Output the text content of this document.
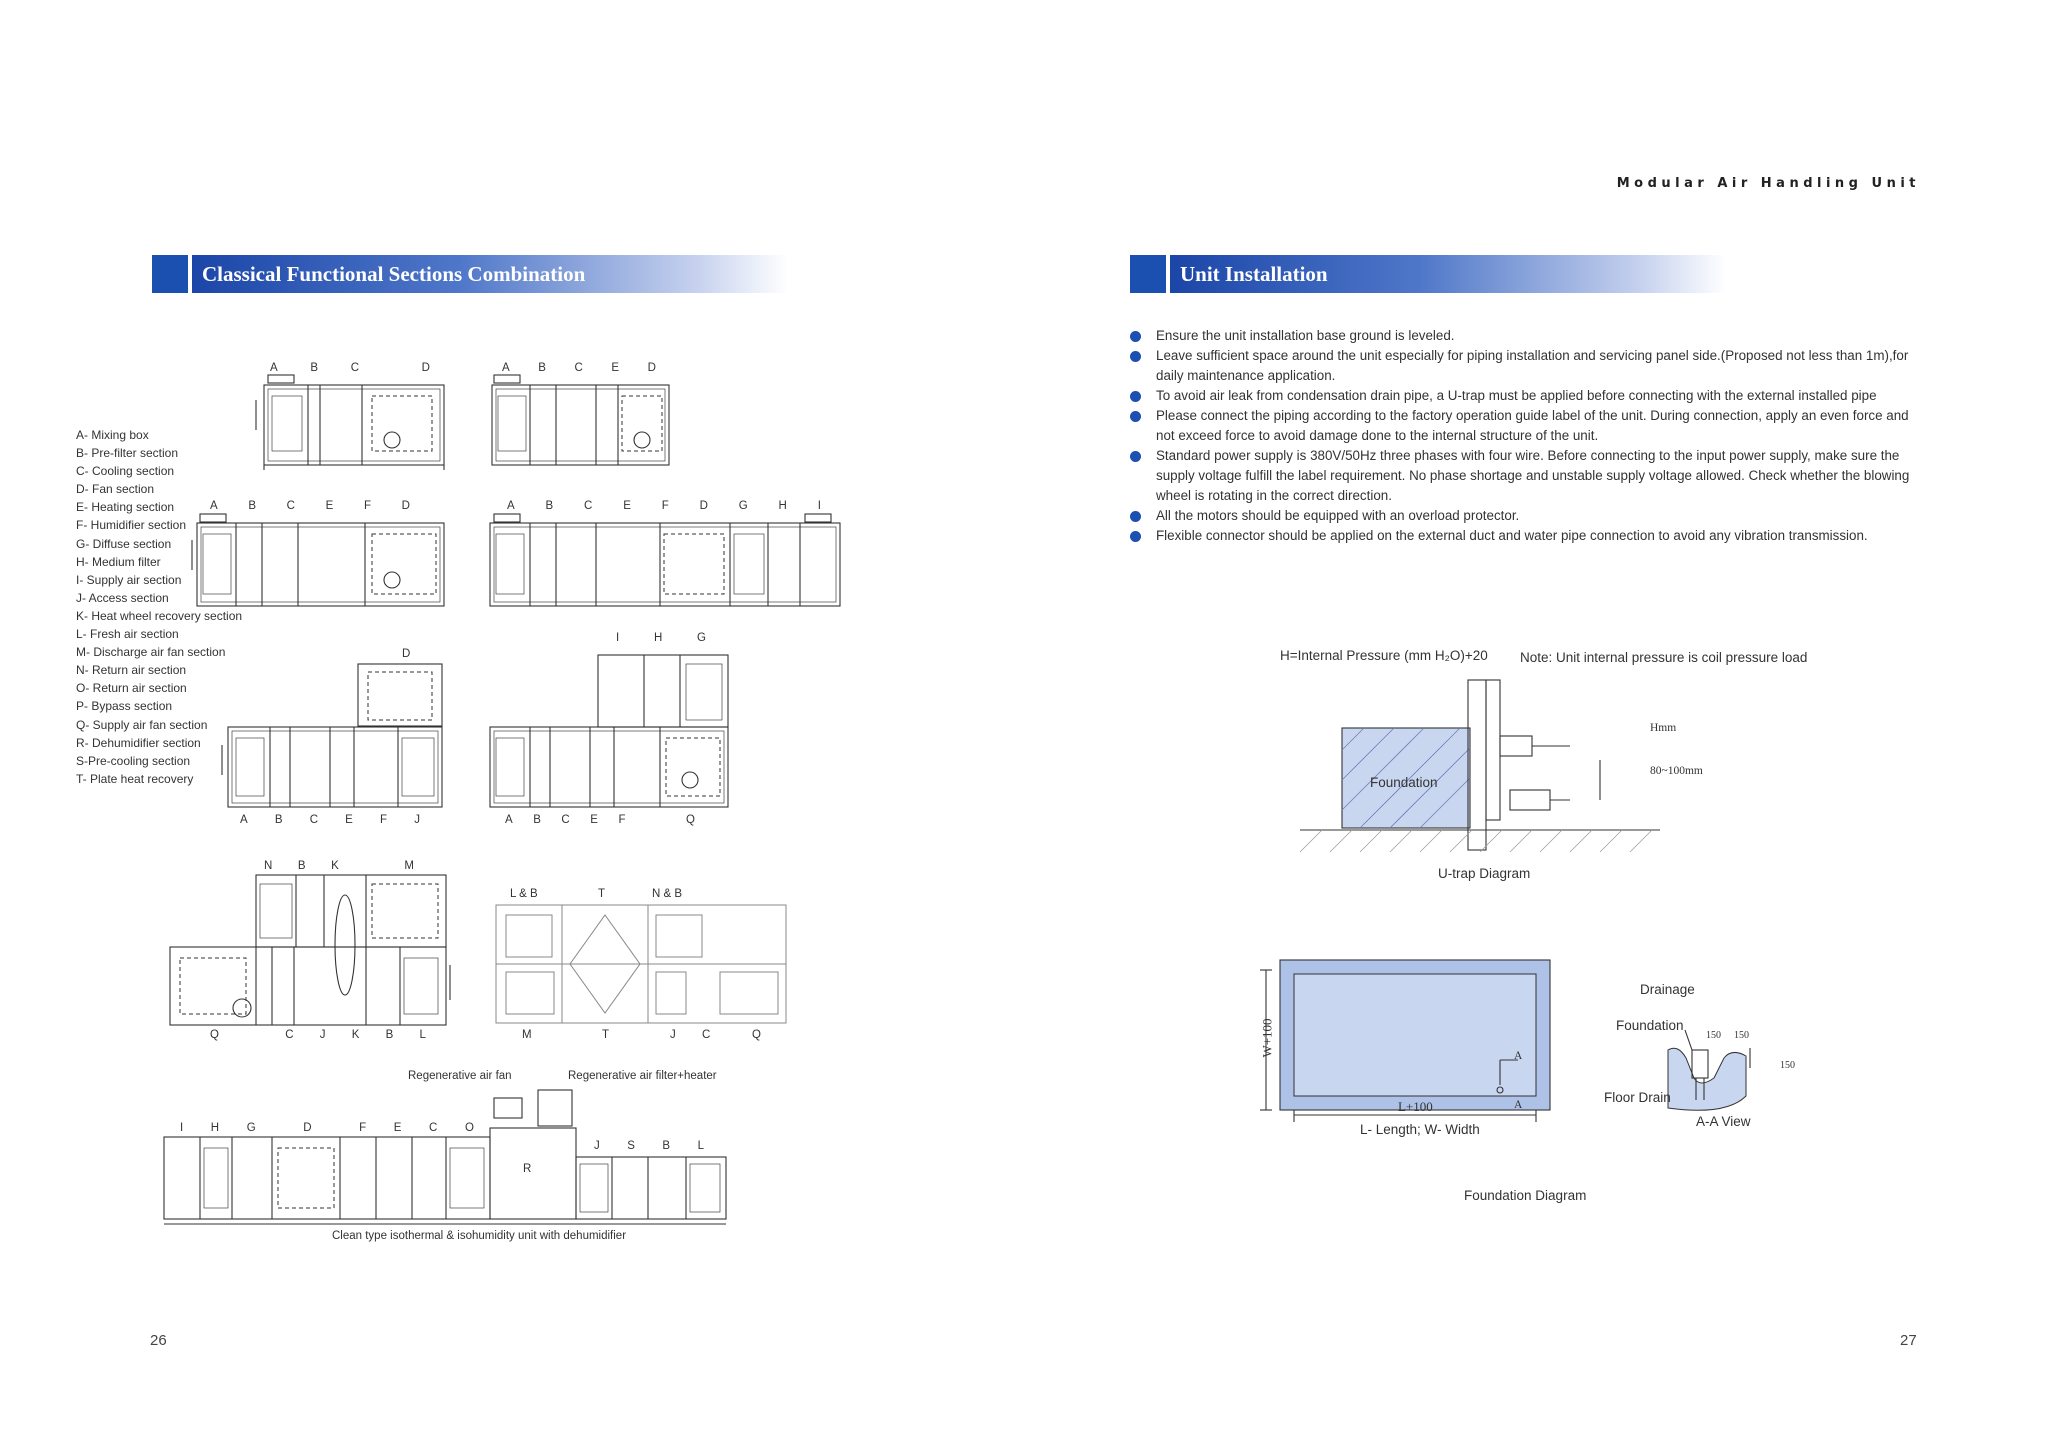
Modular Air Handling Unit
Classical Functional Sections Combination	Unit Installation
A- Mixing box
B- Pre-filter section
C- Cooling section
D- Fan section
E- Heating section
F- Humidifier section
G- Diffuse section
H- Medium filter
I- Supply air section
J- Access section
K- Heat wheel recovery section
L- Fresh air section
M- Discharge air fan section
N- Return air section
O- Return air section
P- Bypass section
Q- Supply air fan section
R- Dehumidifier section
S-Pre-cooling section
T- Plate heat recovery
A	B	C	D	A B C E D
A	B	C	E	F	D	A	B	C	E	F	D	G	H	I
D
A B C E F J
I	H	G
A B C E F	Q
N B K	M
Q	C J K B L
L & B	T	N & B
M	T	J C	Q
Regenerative air fan	Regenerative air filter+heater
I H G	D	F E C O
R
J S B L
Clean type isothermal & isohumidity unit with dehumidifier
26
Ensure the unit installation base ground is leveled.
Leave sufficient space around the unit especially for piping installation and servicing panel side.(Proposed not less than 1m),for daily maintenance application.
To avoid air leak from condensation drain pipe, a U-trap must be applied before connecting with the external installed pipe
Please connect the piping according to the factory operation guide label of the unit. During connection, apply an even force and not exceed force to avoid damage done to the internal structure of the unit.
Standard power supply is 380V/50Hz three phases with four wire. Before connecting to the input power supply, make sure the supply voltage fulfill the label requirement. No phase shortage and unstable supply voltage allowed. Check whether the blowing wheel is rotating in the correct direction.
All the motors should be equipped with an overload protector.
Flexible connector should be applied on the external duct and water pipe connection to avoid any vibration transmission.
H=Internal Pressure (mm H₂O)+20 Note: Unit internal pressure is coil pressure load
Foundation
Hmm
80~100mm
U-trap Diagram
W+100
L+100
A
A
L- Length; W- Width
Drainage
Foundation
Floor Drain
150 150
150
A-A View
Foundation Diagram
27
